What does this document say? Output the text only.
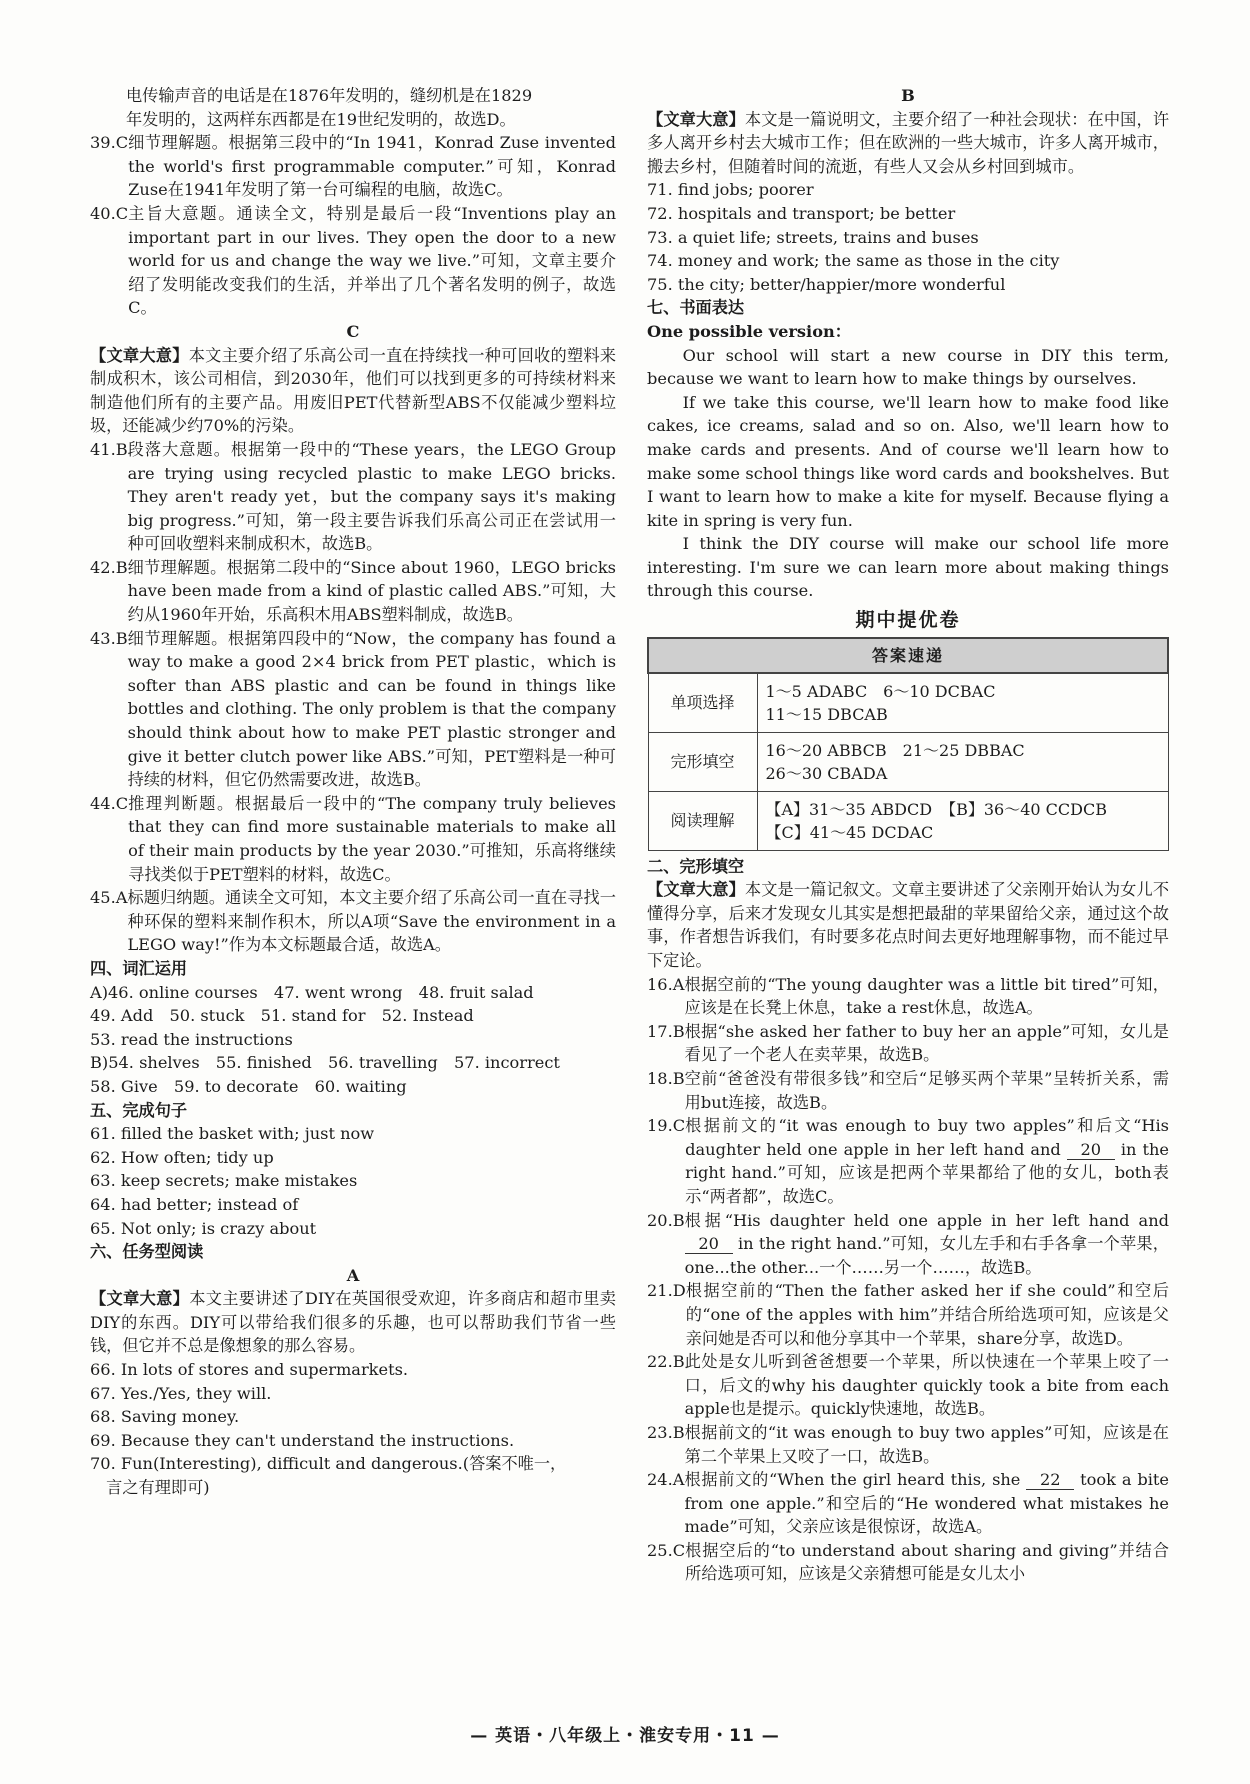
电传输声音的电话是在1876年发明的，缝纫机是在1829
年发明的，这两样东西都是在19世纪发明的，故选D。
39.C 细节理解题。根据第三段中的“In 1941，Konrad Zuse invented the world's first programmable computer.”可知，Konrad Zuse在1941年发明了第一台可编程的电脑，故选C。
40.C 主旨大意题。通读全文，特别是最后一段“Inventions play an important part in our lives. They open the door to a new world for us and change the way we live.”可知，文章主要介绍了发明能改变我们的生活，并举出了几个著名发明的例子，故选C。
C
【文章大意】本文主要介绍了乐高公司一直在持续找一种可回收的塑料来制成积木，该公司相信，到2030年，他们可以找到更多的可持续材料来制造他们所有的主要产品。用废旧PET代替新型ABS不仅能减少塑料垃圾，还能减少约70%的污染。
41.B 段落大意题。根据第一段中的“These years，the LEGO Group are trying using recycled plastic to make LEGO bricks. They aren't ready yet，but the company says it's making big progress.”可知，第一段主要告诉我们乐高公司正在尝试用一种可回收塑料来制成积木，故选B。
42.B 细节理解题。根据第二段中的“Since about 1960，LEGO bricks have been made from a kind of plastic called ABS.”可知，大约从1960年开始，乐高积木用ABS塑料制成，故选B。
43.B 细节理解题。根据第四段中的“Now，the company has found a way to make a good 2×4 brick from PET plastic，which is softer than ABS plastic and can be found in things like bottles and clothing. The only problem is that the company should think about how to make PET plastic stronger and give it better clutch power like ABS.”可知，PET塑料是一种可持续的材料，但它仍然需要改进，故选B。
44.C 推理判断题。根据最后一段中的“The company truly believes that they can find more sustainable materials to make all of their main products by the year 2030.”可推知，乐高将继续寻找类似于PET塑料的材料，故选C。
45.A 标题归纳题。通读全文可知，本文主要介绍了乐高公司一直在寻找一种环保的塑料来制作积木，所以A项“Save the environment in a LEGO way!”作为本文标题最合适，故选A。
四、词汇运用
A)46. online courses　47. went wrong　48. fruit salad
49. Add　50. stuck　51. stand for　52. Instead
53. read the instructions
B)54. shelves　55. finished　56. travelling　57. incorrect
58. Give　59. to decorate　60. waiting
五、完成句子
61. filled the basket with; just now
62. How often; tidy up
63. keep secrets; make mistakes
64. had better; instead of
65. Not only; is crazy about
六、任务型阅读
A
【文章大意】本文主要讲述了DIY在英国很受欢迎，许多商店和超市里卖DIY的东西。DIY可以带给我们很多的乐趣，也可以帮助我们节省一些钱，但它并不总是像想象的那么容易。
66. In lots of stores and supermarkets.
67. Yes./Yes, they will.
68. Saving money.
69. Because they can't understand the instructions.
70. Fun(Interesting), difficult and dangerous.(答案不唯一，
　言之有理即可)
B
【文章大意】本文是一篇说明文，主要介绍了一种社会现状：在中国，许多人离开乡村去大城市工作；但在欧洲的一些大城市，许多人离开城市，搬去乡村，但随着时间的流逝，有些人又会从乡村回到城市。
71. find jobs; poorer
72. hospitals and transport; be better
73. a quiet life; streets, trains and buses
74. money and work; the same as those in the city
75. the city; better/happier/more wonderful
七、书面表达
One possible version：
Our school will start a new course in DIY this term, because we want to learn how to make things by ourselves.
If we take this course, we'll learn how to make food like cakes, ice creams, salad and so on. Also, we'll learn how to make cards and presents. And of course we'll learn how to make some school things like word cards and bookshelves. But I want to learn how to make a kite for myself. Because flying a kite in spring is very fun.
I think the DIY course will make our school life more interesting. I'm sure we can learn more about making things through this course.
期中提优卷
答案速递	
单项选择	1～5 ADABC　6～10 DCBAC
11～15 DBCAB
完形填空	16～20 ABBCB　21～25 DBBAC
26～30 CBADA
阅读理解	【A】31～35 ABDCD　【B】36～40 CCDCB
【C】41～45 DCDAC
二、完形填空
【文章大意】本文是一篇记叙文。文章主要讲述了父亲刚开始认为女儿不懂得分享，后来才发现女儿其实是想把最甜的苹果留给父亲，通过这个故事，作者想告诉我们，有时要多花点时间去更好地理解事物，而不能过早下定论。
16.A 根据空前的“The young daughter was a little bit tired”可知，应该是在长凳上休息，take a rest休息，故选A。
17.B 根据“she asked her father to buy her an apple”可知，女儿是看见了一个老人在卖苹果，故选B。
18.B 空前“爸爸没有带很多钱”和空后“足够买两个苹果”呈转折关系，需用but连接，故选B。
19.C 根据前文的“it was enough to buy two apples”和后文“His daughter held one apple in her left hand and 20 in the right hand.”可知，应该是把两个苹果都给了他的女儿，both表示“两者都”，故选C。
20.B 根据“His daughter held one apple in her left hand and 20 in the right hand.”可知，女儿左手和右手各拿一个苹果，one...the other...一个……另一个……，故选B。
21.D 根据空前的“Then the father asked her if she could”和空后的“one of the apples with him”并结合所给选项可知，应该是父亲问她是否可以和他分享其中一个苹果，share分享，故选D。
22.B 此处是女儿听到爸爸想要一个苹果，所以快速在一个苹果上咬了一口，后文的why his daughter quickly took a bite from each apple也是提示。quickly快速地，故选B。
23.B 根据前文的“it was enough to buy two apples”可知，应该是在第二个苹果上又咬了一口，故选B。
24.A 根据前文的“When the girl heard this, she 22 took a bite from one apple.”和空后的“He wondered what mistakes he made”可知，父亲应该是很惊讶，故选A。
25.C 根据空后的“to understand about sharing and giving”并结合所给选项可知，应该是父亲猜想可能是女儿太小
— 英语・八年级上・淮安专用・11 —
